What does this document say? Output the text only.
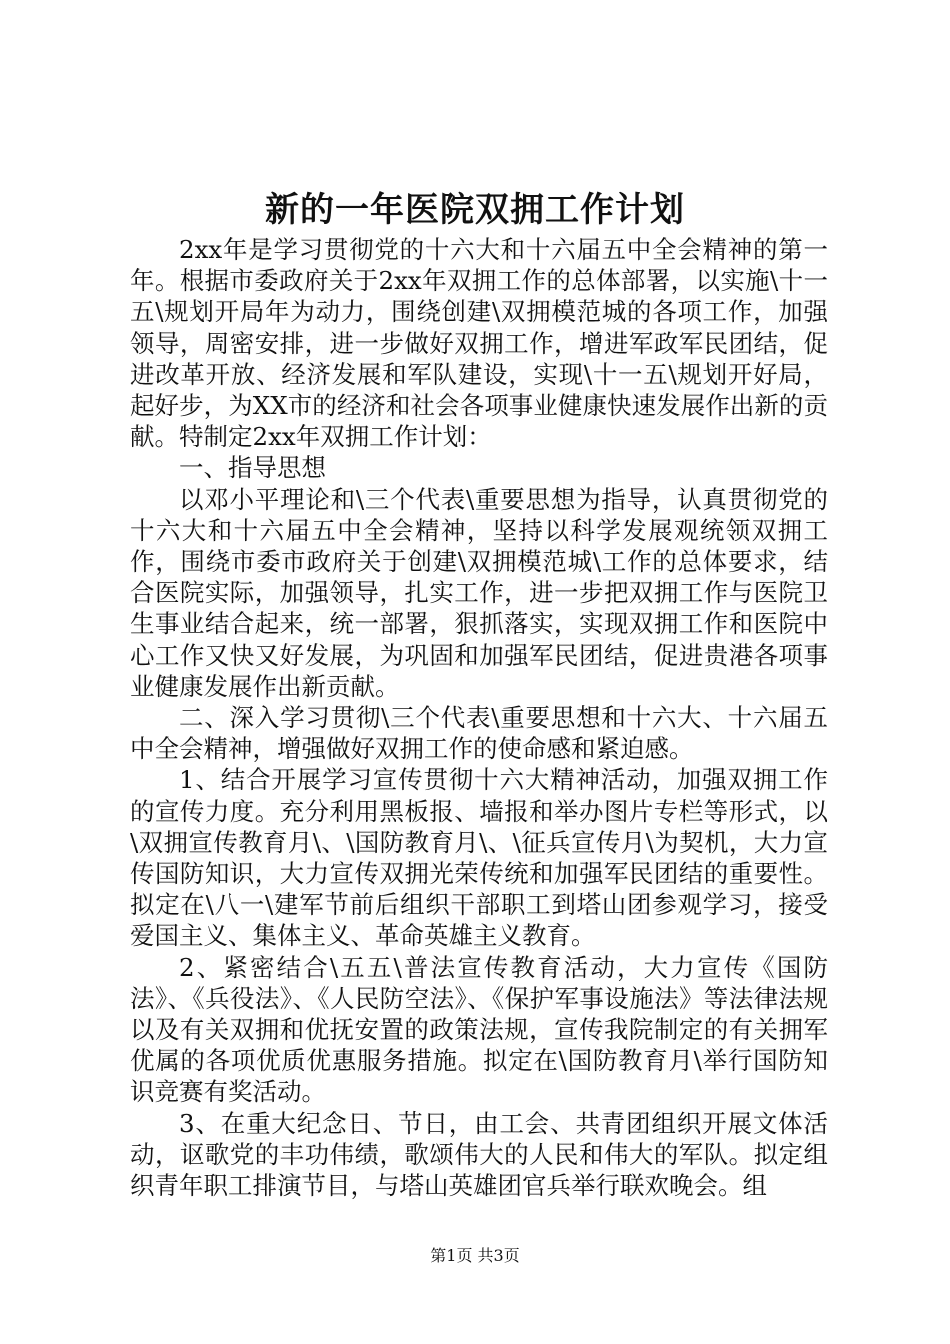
新的一年医院双拥工作计划

2xx年是学习贯彻党的十六大和十六届五中全会精神的第一年。根据市委政府关于2xx年双拥工作的总体部署，以实施\十一五\规划开局年为动力，围绕创建\双拥模范城的各项工作，加强领导，周密安排，进一步做好双拥工作，增进军政军民团结，促进改革开放、经济发展和军队建设，实现\十一五\规划开好局，起好步，为XX市的经济和社会各项事业健康快速发展作出新的贡献。特制定2xx年双拥工作计划：

一、指导思想

以邓小平理论和\三个代表\重要思想为指导，认真贯彻党的十六大和十六届五中全会精神，坚持以科学发展观统领双拥工作，围绕市委市政府关于创建\双拥模范城\工作的总体要求，结合医院实际，加强领导，扎实工作，进一步把双拥工作与医院卫生事业结合起来，统一部署，狠抓落实，实现双拥工作和医院中心工作又快又好发展，为巩固和加强军民团结，促进贵港各项事业健康发展作出新贡献。

二、深入学习贯彻\三个代表\重要思想和十六大、十六届五中全会精神，增强做好双拥工作的使命感和紧迫感。

1、结合开展学习宣传贯彻十六大精神活动，加强双拥工作的宣传力度。充分利用黑板报、墙报和举办图片专栏等形式，以\双拥宣传教育月\、\国防教育月\、\征兵宣传月\为契机，大力宣传国防知识，大力宣传双拥光荣传统和加强军民团结的重要性。拟定在\八一\建军节前后组织干部职工到塔山团参观学习，接受爱国主义、集体主义、革命英雄主义教育。

2、紧密结合\五五\普法宣传教育活动，大力宣传《国防法》、《兵役法》、《人民防空法》、《保护军事设施法》等法律法规以及有关双拥和优抚安置的政策法规，宣传我院制定的有关拥军优属的各项优质优惠服务措施。拟定在\国防教育月\举行国防知识竞赛有奖活动。

3、在重大纪念日、节日，由工会、共青团组织开展文体活动，讴歌党的丰功伟绩，歌颂伟大的人民和伟大的军队。拟定组织青年职工排演节目，与塔山英雄团官兵举行联欢晚会。组

第1页 共3页
